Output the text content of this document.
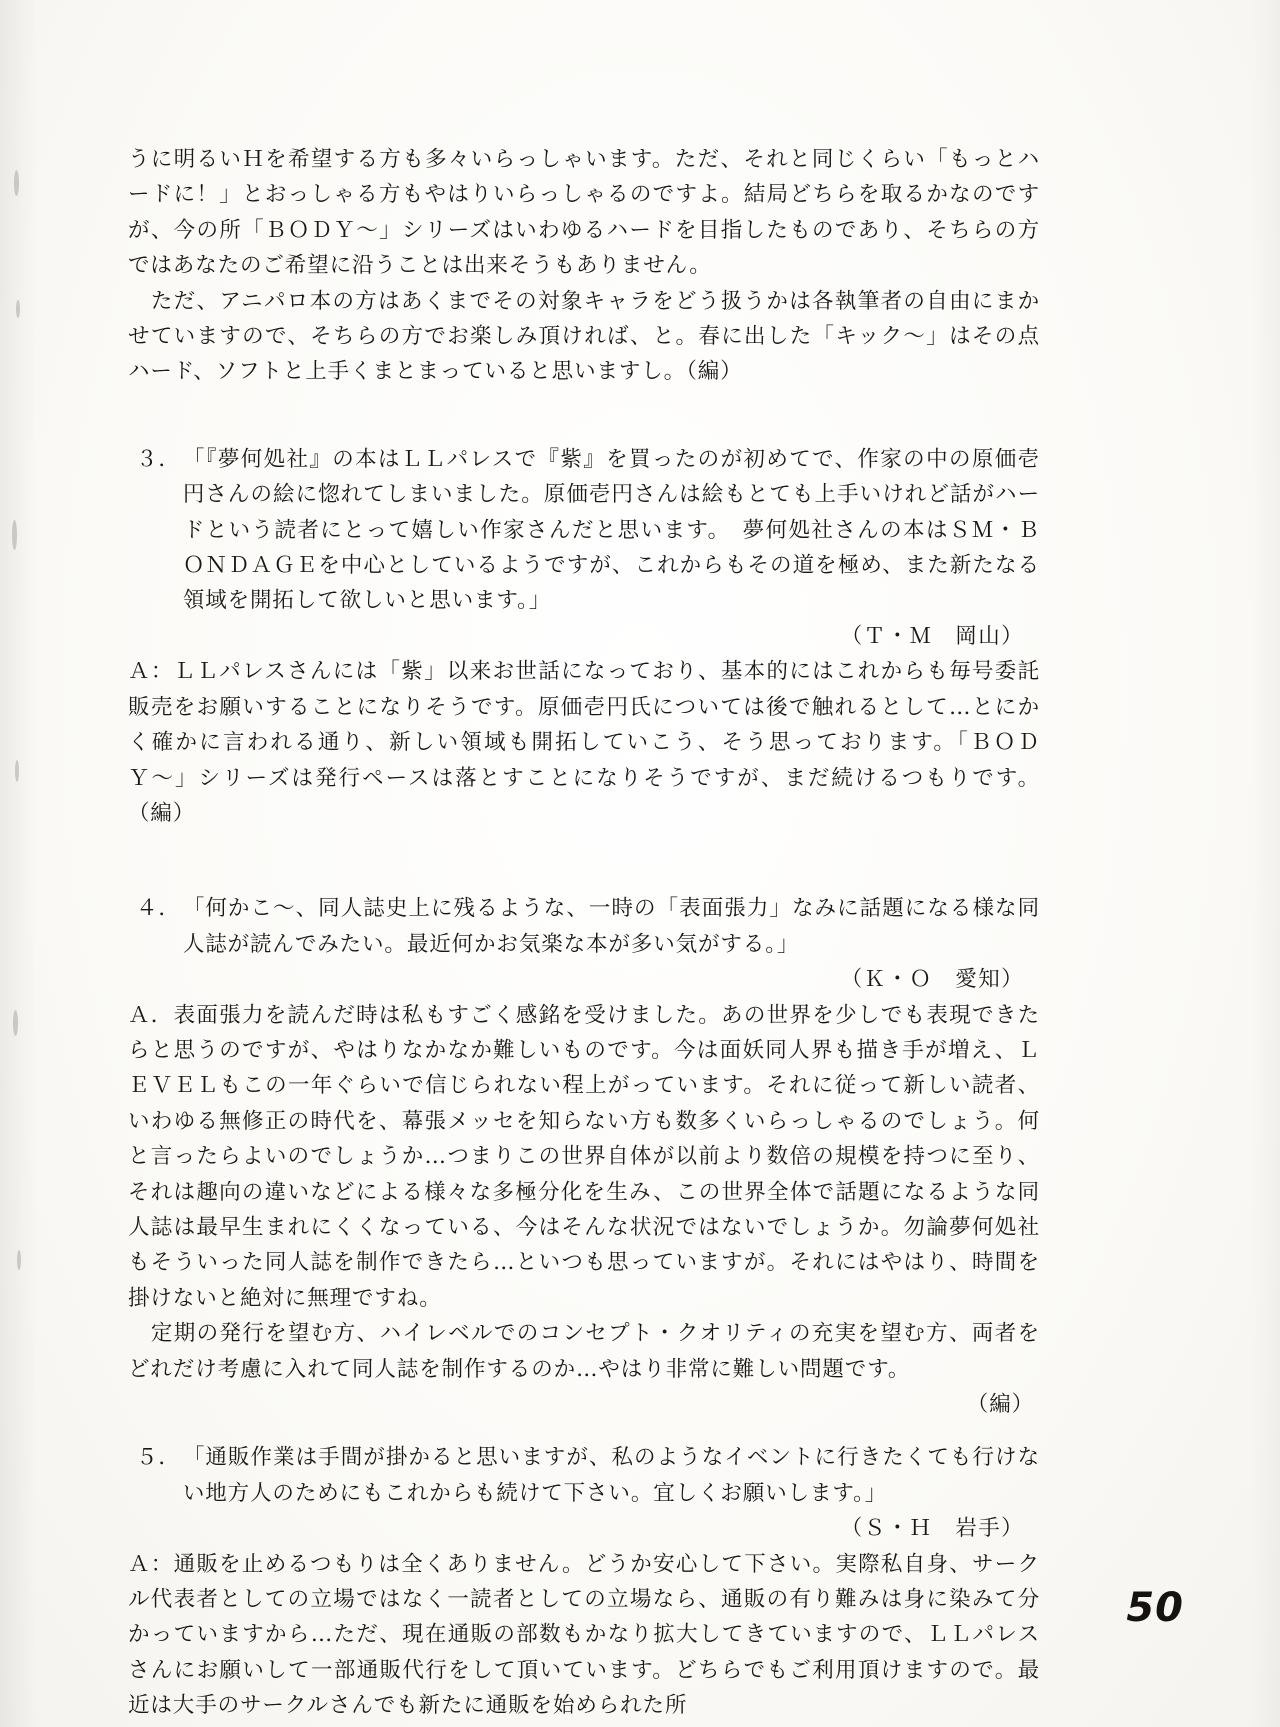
うに明るいＨを希望する方も多々いらっしゃいます。ただ、それと同じくらい「もっとハードに！」とおっしゃる方もやはりいらっしゃるのですよ。結局どちらを取るかなのですが、今の所「ＢＯＤＹ〜」シリーズはいわゆるハードを目指したものであり、そちらの方ではあなたのご希望に沿うことは出来そうもありません。

　ただ、アニパロ本の方はあくまでその対象キャラをどう扱うかは各執筆者の自由にまかせていますので、そちらの方でお楽しみ頂ければ、と。春に出した「キック〜」はその点ハード、ソフトと上手くまとまっていると思いますし。（編）

３． 「『夢何処社』の本はＬＬパレスで『紫』を買ったのが初めてで、作家の中の原価壱円さんの絵に惚れてしまいました。原価壱円さんは絵もとても上手いけれど話がハードという読者にとって嬉しい作家さんだと思います。　夢何処社さんの本はＳＭ・ＢＯＮＤＡＧＥを中心としているようですが、これからもその道を極め、また新たなる領域を開拓して欲しいと思います。」
（Ｔ・Ｍ　岡山）
Ａ：ＬＬパレスさんには「紫」以来お世話になっており、基本的にはこれからも毎号委託販売をお願いすることになりそうです。原価壱円氏については後で触れるとして…とにかく確かに言われる通り、新しい領域も開拓していこう、そう思っております。「ＢＯＤＹ〜」シリーズは発行ペースは落とすことになりそうですが、まだ続けるつもりです。（編）
４． 「何かこ〜、同人誌史上に残るような、一時の「表面張力」なみに話題になる様な同人誌が読んでみたい。最近何かお気楽な本が多い気がする。」
（Ｋ・Ｏ　愛知）
Ａ．表面張力を読んだ時は私もすごく感銘を受けました。あの世界を少しでも表現できたらと思うのですが、やはりなかなか難しいものです。今は面妖同人界も描き手が増え、ＬＥＶＥＬもこの一年ぐらいで信じられない程上がっています。それに従って新しい読者、いわゆる無修正の時代を、幕張メッセを知らない方も数多くいらっしゃるのでしょう。何と言ったらよいのでしょうか…つまりこの世界自体が以前より数倍の規模を持つに至り、それは趣向の違いなどによる様々な多極分化を生み、この世界全体で話題になるような同人誌は最早生まれにくくなっている、今はそんな状況ではないでしょうか。勿論夢何処社もそういった同人誌を制作できたら…といつも思っていますが。それにはやはり、時間を掛けないと絶対に無理ですね。
　定期の発行を望む方、ハイレベルでのコンセプト・クオリティの充実を望む方、両者をどれだけ考慮に入れて同人誌を制作するのか…やはり非常に難しい問題です。
（編）
５． 「通販作業は手間が掛かると思いますが、私のようなイベントに行きたくても行けない地方人のためにもこれからも続けて下さい。宜しくお願いします。」
（Ｓ・Ｈ　岩手）
Ａ：通販を止めるつもりは全くありません。どうか安心して下さい。実際私自身、サークル代表者としての立場ではなく一読者としての立場なら、通販の有り難みは身に染みて分かっていますから…ただ、現在通販の部数もかなり拡大してきていますので、ＬＬパレスさんにお願いして一部通販代行をして頂いています。どちらでもご利用頂けますので。最近は大手のサークルさんでも新たに通販を始められた所
50
